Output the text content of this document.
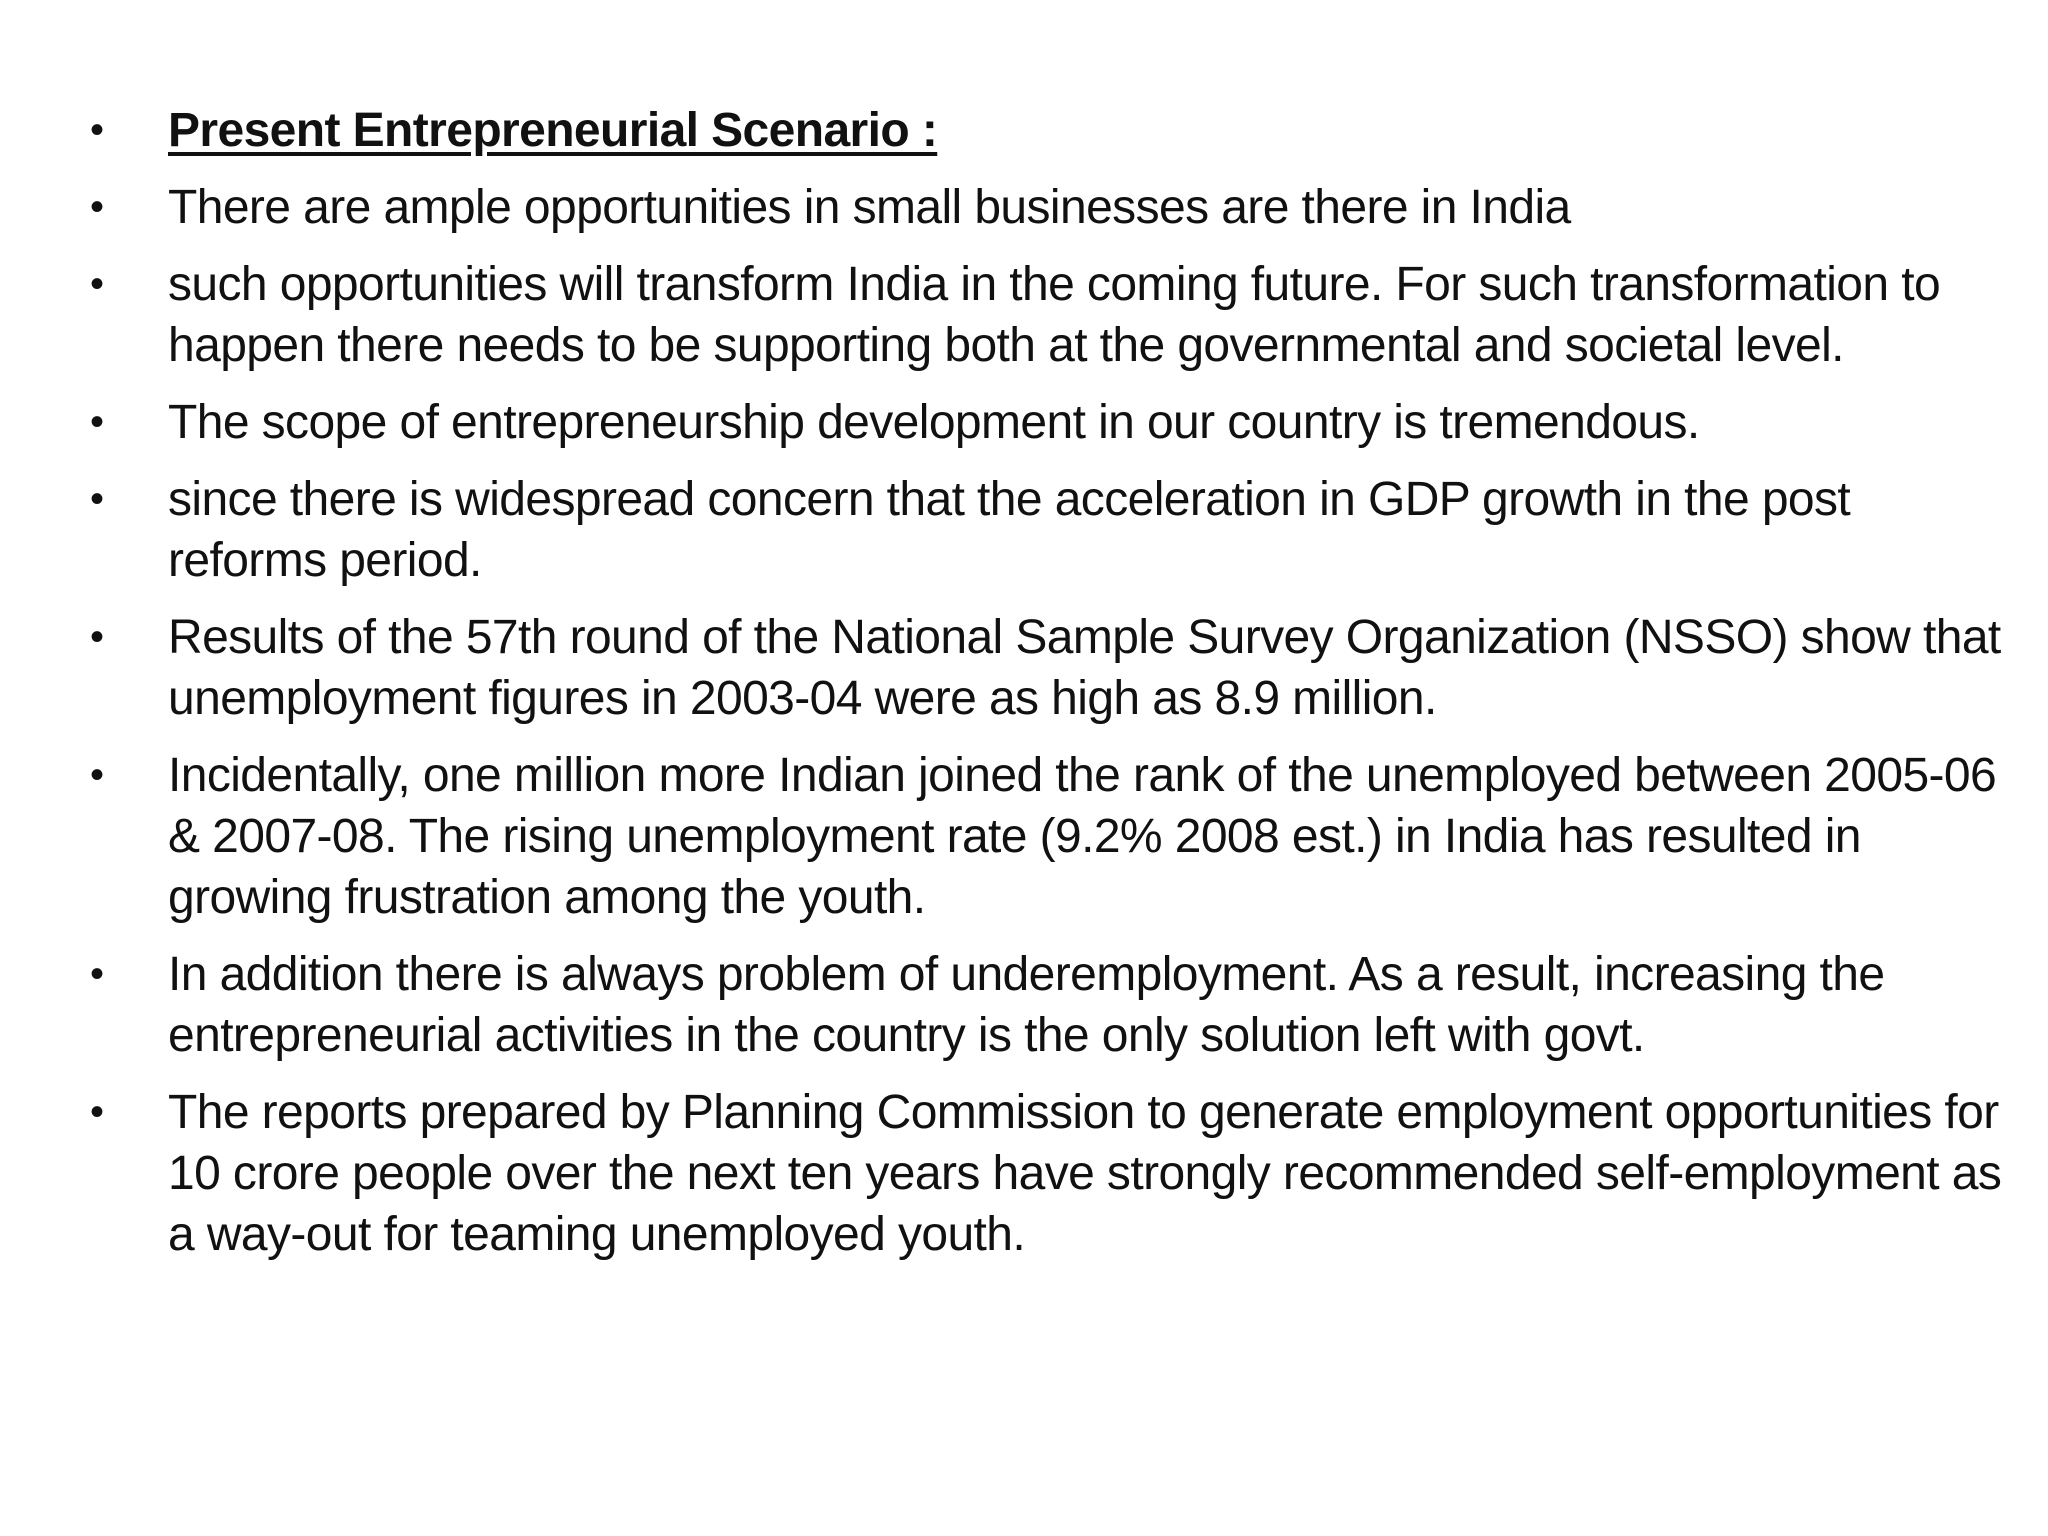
• Present Entrepreneurial Scenario :
• There are ample opportunities in small businesses are there in India
• such opportunities will transform India in the coming future. For such transformation to happen there needs to be supporting both at the governmental and societal level.
• The scope of entrepreneurship development in our country is tremendous.
• since there is widespread concern that the acceleration in GDP growth in the post reforms period.
• Results of the 57th round of the National Sample Survey Organization (NSSO) show that unemployment figures in 2003-04 were as high as 8.9 million.
• Incidentally, one million more Indian joined the rank of the unemployed between 2005-06 & 2007-08. The rising unemployment rate (9.2% 2008 est.) in India has resulted in growing frustration among the youth.
• In addition there is always problem of underemployment. As a result, increasing the entrepreneurial activities in the country is the only solution left with govt.
• The reports prepared by Planning Commission to generate employment opportunities for 10 crore people over the next ten years have strongly recommended self-employment as a way-out for teaming unemployed youth.
